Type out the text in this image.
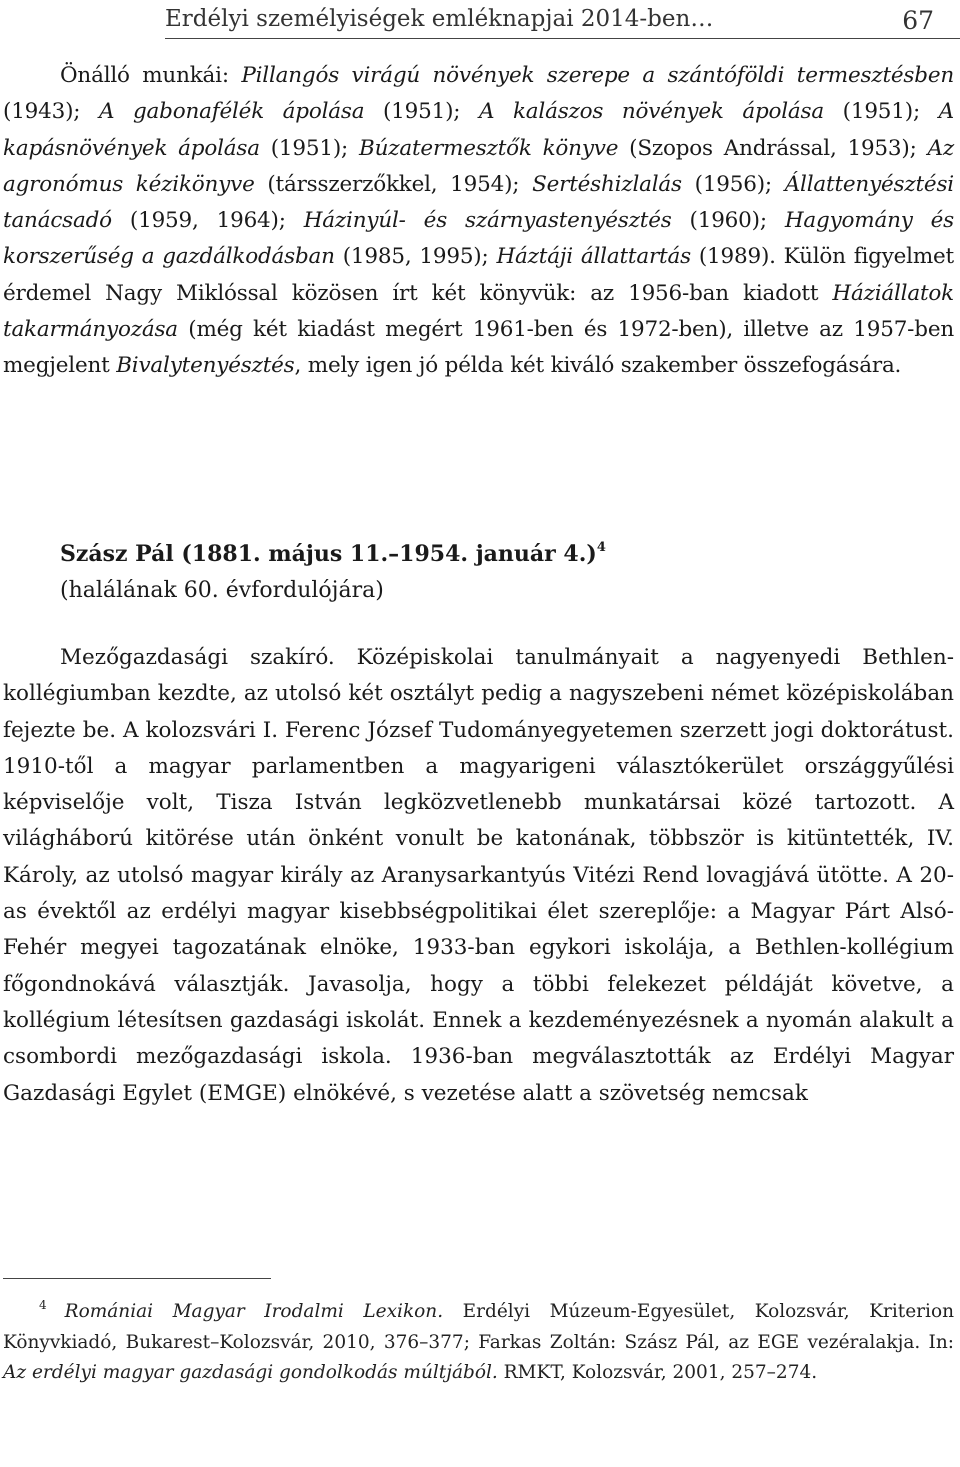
Erdélyi személyiségek emléknapjai 2014-ben…	67

Önálló munkái: Pillangós virágú növények szerepe a szántóföldi termesztésben (1943); A gabonafélék ápolása (1951); A kalászos növények ápolása (1951); A kapásnövények ápolása (1951); Búzatermesztők könyve (Szopos Andrással, 1953); Az agronómus kézikönyve (társszerzőkkel, 1954); Sertéshizlalás (1956); Állattenyésztési tanácsadó (1959, 1964); Házinyúl- és szárnyastenyésztés (1960); Hagyomány és korszerűség a gazdálkodásban (1985, 1995); Háztáji állattartás (1989). Külön figyelmet érdemel Nagy Miklóssal közösen írt két könyvük: az 1956-ban kiadott Háziállatok takarmányozása (még két kiadást megért 1961-ben és 1972-ben), illetve az 1957-ben megjelent Bivalytenyésztés, mely igen jó példa két kiváló szakember összefogására.

Szász Pál (1881. május 11.–1954. január 4.)$^4$
(halálának 60. évfordulójára)

Mezőgazdasági szakíró. Középiskolai tanulmányait a nagyenyedi Bethlen-kollégiumban kezdte, az utolsó két osztályt pedig a nagyszebeni német középiskolában fejezte be. A kolozsvári I. Ferenc József Tudományegyetemen szerzett jogi doktorátust. 1910-től a magyar parlamentben a magyarigeni választókerület országgyűlési képviselője volt, Tisza István legközvetlenebb munkatársai közé tartozott. A világháború kitörése után önként vonult be katonának, többször is kitüntették, IV. Károly, az utolsó magyar király az Aranysarkantyús Vitézi Rend lovagjává ütötte. A 20-as évektől az erdélyi magyar kisebbségpolitikai élet szereplője: a Magyar Párt Alsó-Fehér megyei tagozatának elnöke, 1933-ban egykori iskolája, a Bethlen-kollégium főgondnokává választják. Javasolja, hogy a többi felekezet példáját követve, a kollégium létesítsen gazdasági iskolát. Ennek a kezdeményezésnek a nyomán alakult a csombordi mezőgazdasági iskola. 1936-ban megválasztották az Erdélyi Magyar Gazdasági Egylet (EMGE) elnökévé, s vezetése alatt a szövetség nemcsak

$^4$ Romániai Magyar Irodalmi Lexikon. Erdélyi Múzeum-Egyesület, Kolozsvár, Kriterion Könyvkiadó, Bukarest–Kolozsvár, 2010, 376–377; Farkas Zoltán: Szász Pál, az EGE vezéralakja. In: Az erdélyi magyar gazdasági gondolkodás múltjából. RMKT, Kolozsvár, 2001, 257–274.
